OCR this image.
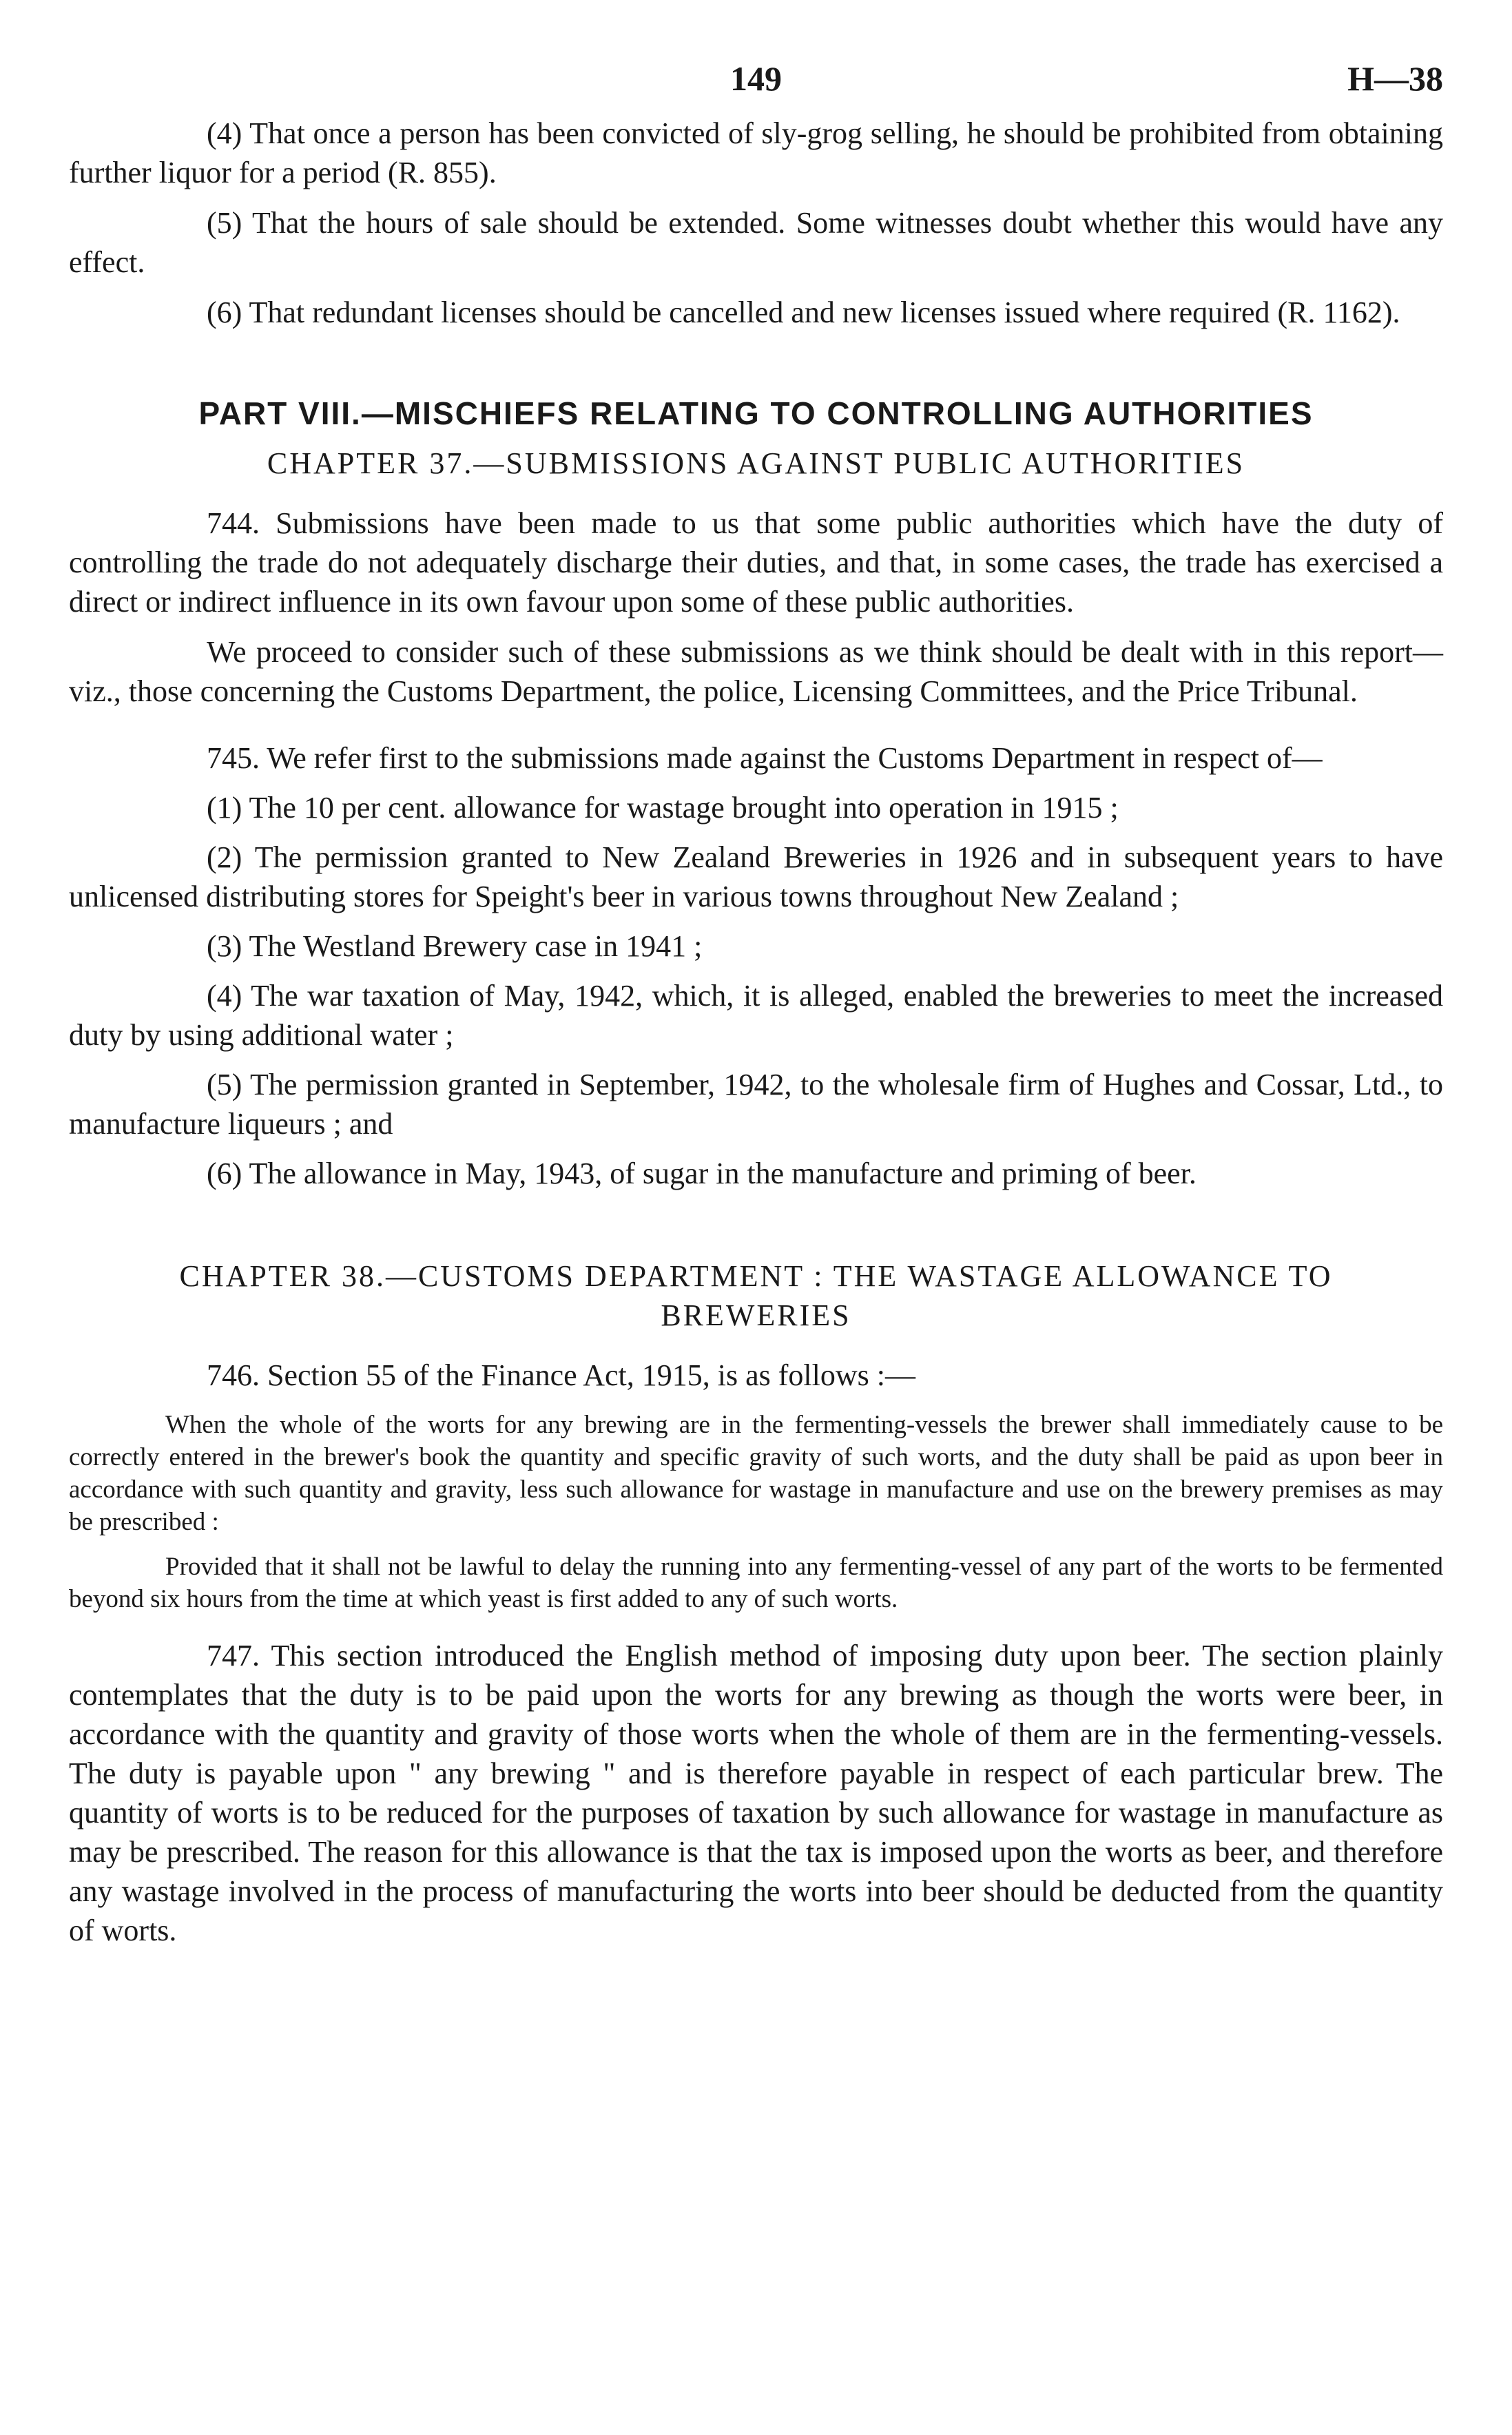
149	H—38

(4) That once a person has been convicted of sly-grog selling, he should be prohibited from obtaining further liquor for a period (R. 855).

(5) That the hours of sale should be extended. Some witnesses doubt whether this would have any effect.

(6) That redundant licenses should be cancelled and new licenses issued where required (R. 1162).

PART VIII.—MISCHIEFS RELATING TO CONTROLLING AUTHORITIES
CHAPTER 37.—SUBMISSIONS AGAINST PUBLIC AUTHORITIES

744. Submissions have been made to us that some public authorities which have the duty of controlling the trade do not adequately discharge their duties, and that, in some cases, the trade has exercised a direct or indirect influence in its own favour upon some of these public authorities.

We proceed to consider such of these submissions as we think should be dealt with in this report—viz., those concerning the Customs Department, the police, Licensing Committees, and the Price Tribunal.

745. We refer first to the submissions made against the Customs Department in respect of—

(1) The 10 per cent. allowance for wastage brought into operation in 1915 ;

(2) The permission granted to New Zealand Breweries in 1926 and in subsequent years to have unlicensed distributing stores for Speight's beer in various towns throughout New Zealand ;

(3) The Westland Brewery case in 1941 ;

(4) The war taxation of May, 1942, which, it is alleged, enabled the breweries to meet the increased duty by using additional water ;

(5) The permission granted in September, 1942, to the wholesale firm of Hughes and Cossar, Ltd., to manufacture liqueurs ; and

(6) The allowance in May, 1943, of sugar in the manufacture and priming of beer.

CHAPTER 38.—CUSTOMS DEPARTMENT : THE WASTAGE ALLOWANCE TO
BREWERIES

746. Section 55 of the Finance Act, 1915, is as follows :—

When the whole of the worts for any brewing are in the fermenting-vessels the brewer shall immediately cause to be correctly entered in the brewer's book the quantity and specific gravity of such worts, and the duty shall be paid as upon beer in accordance with such quantity and gravity, less such allowance for wastage in manufacture and use on the brewery premises as may be prescribed :

Provided that it shall not be lawful to delay the running into any fermenting-vessel of any part of the worts to be fermented beyond six hours from the time at which yeast is first added to any of such worts.

747. This section introduced the English method of imposing duty upon beer. The section plainly contemplates that the duty is to be paid upon the worts for any brewing as though the worts were beer, in accordance with the quantity and gravity of those worts when the whole of them are in the fermenting-vessels. The duty is payable upon " any brewing " and is therefore payable in respect of each particular brew. The quantity of worts is to be reduced for the purposes of taxation by such allowance for wastage in manufacture as may be prescribed. The reason for this allowance is that the tax is imposed upon the worts as beer, and therefore any wastage involved in the process of manufacturing the worts into beer should be deducted from the quantity of worts.
